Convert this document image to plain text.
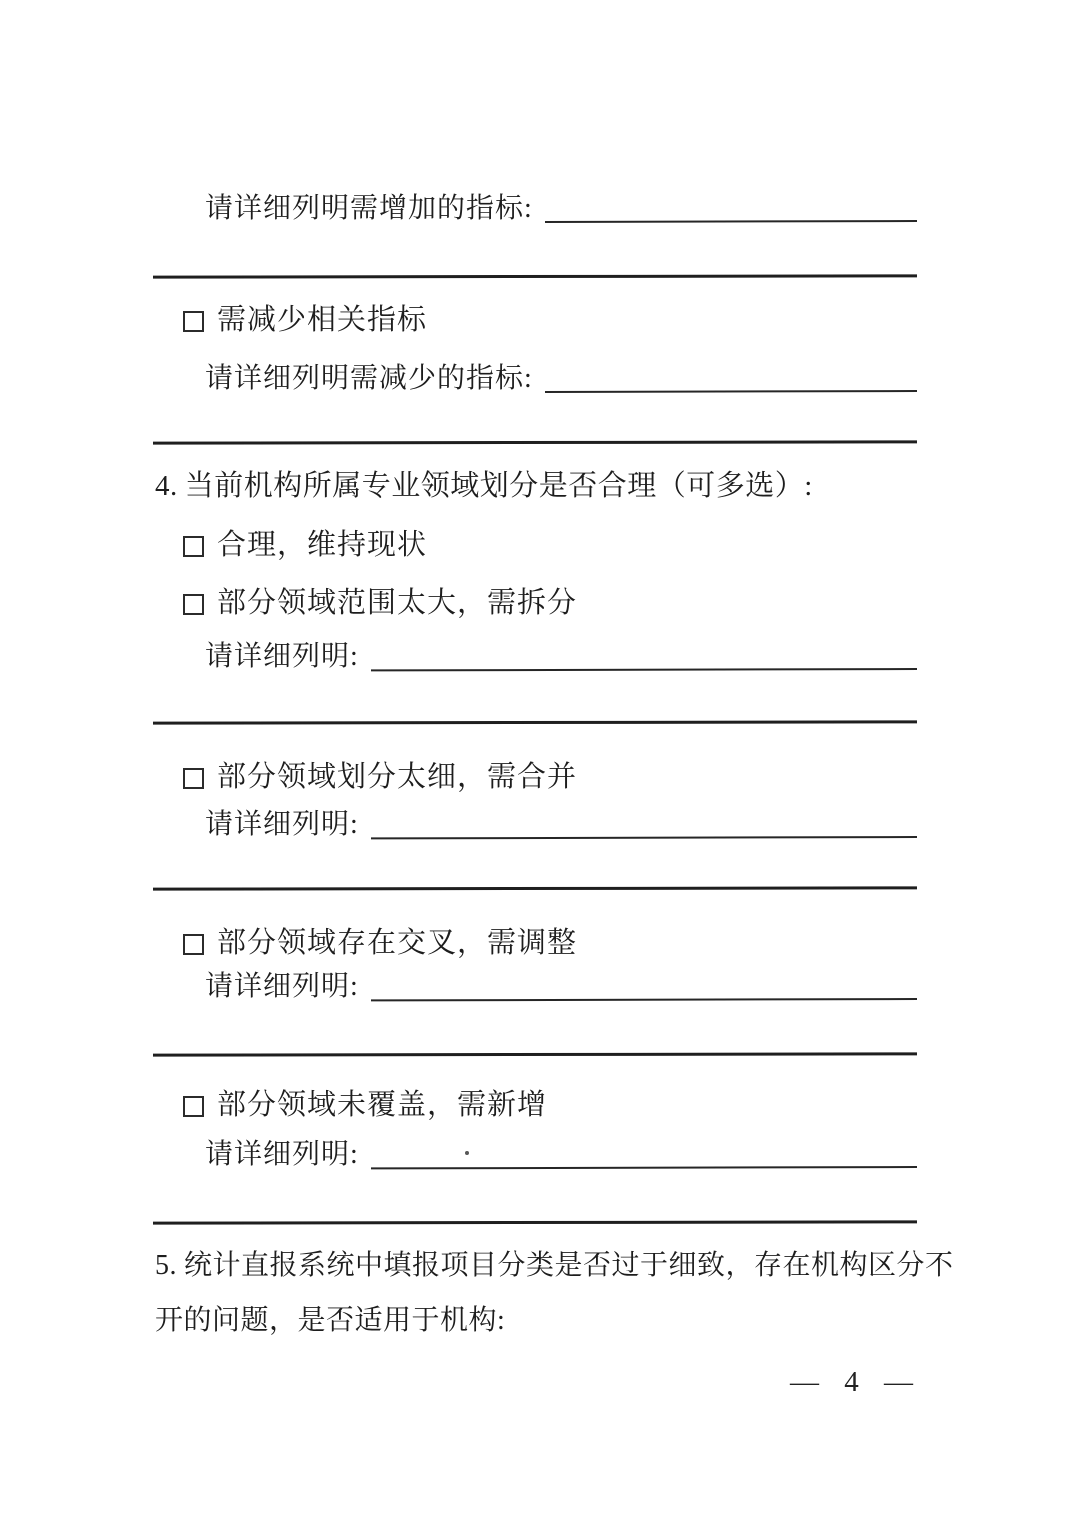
请详细列明需增加的指标:
需减少相关指标
请详细列明需减少的指标:
4. 当前机构所属专业领域划分是否合理（可多选）:
合理，维持现状
部分领域范围太大，需拆分
请详细列明:
部分领域划分太细，需合并
请详细列明:
部分领域存在交叉，需调整
请详细列明:
部分领域未覆盖，需新增
请详细列明:
5. 统计直报系统中填报项目分类是否过于细致，存在机构区分不
开的问题，是否适用于机构:
— 4 —
